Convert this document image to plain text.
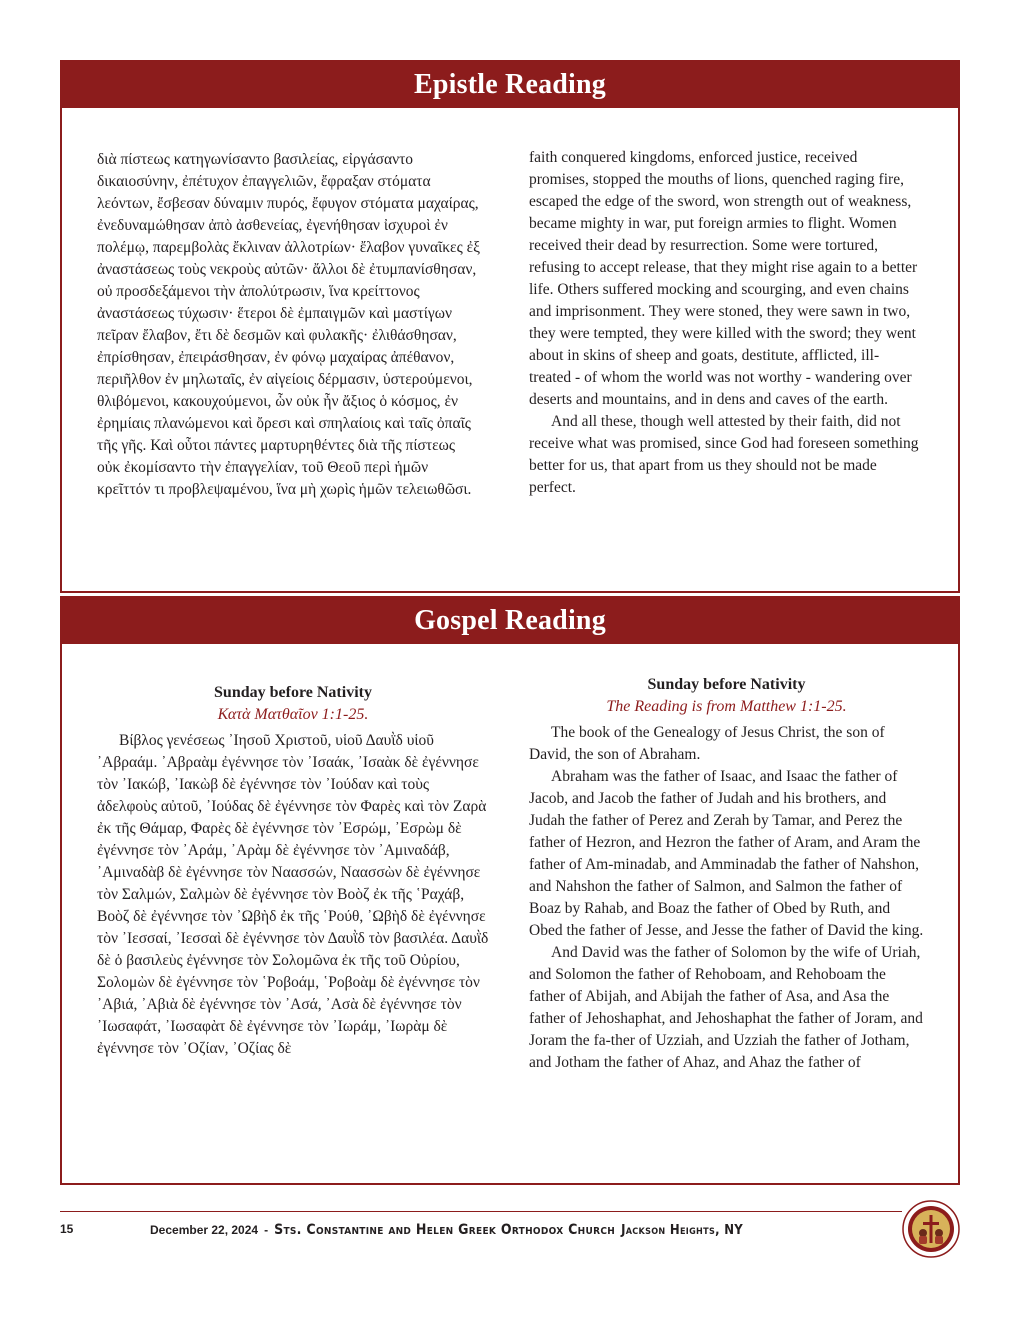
Epistle Reading

διὰ πίστεως κατηγωνίσαντο βασιλείας, εἰργάσαντο δικαιοσύνην, ἐπέτυχον ἐπαγγελιῶν, ἔφραξαν στόματα λεόντων, ἔσβεσαν δύναμιν πυρός, ἔφυγον στόματα μαχαίρας, ἐνεδυναμώθησαν ἀπὸ ἀσθενείας, ἐγενήθησαν ἰσχυροὶ ἐν πολέμῳ, παρεμβολὰς ἔκλιναν ἀλλοτρίων· ἔλαβον γυναῖκες ἐξ ἀναστάσεως τοὺς νεκροὺς αὐτῶν· ἄλλοι δὲ ἐτυμπανίσθησαν, οὐ προσδεξάμενοι τὴν ἀπολύτρωσιν, ἵνα κρείττονος ἀναστάσεως τύχωσιν· ἕτεροι δὲ ἐμπαιγμῶν καὶ μαστίγων πεῖραν ἔλαβον, ἔτι δὲ δεσμῶν καὶ φυλακῆς· ἐλιθάσθησαν, ἐπρίσθησαν, ἐπειράσθησαν, ἐν φόνῳ μαχαίρας ἀπέθανον, περιῆλθον ἐν μηλωταῖς, ἐν αἰγείοις δέρμασιν, ὑστερούμενοι, θλιβόμενοι, κακουχούμενοι, ὧν οὐκ ἦν ἄξιος ὁ κόσμος, ἐν ἐρημίαις πλανώμενοι καὶ ὄρεσι καὶ σπηλαίοις καὶ ταῖς ὀπαῖς τῆς γῆς. Καὶ οὗτοι πάντες μαρτυρηθέντες διὰ τῆς πίστεως οὐκ ἐκομίσαντο τὴν ἐπαγγελίαν, τοῦ Θεοῦ περὶ ἡμῶν κρεῖττόν τι προβλεψαμένου, ἵνα μὴ χωρὶς ἡμῶν τελειωθῶσι.

faith conquered kingdoms, enforced justice, received promises, stopped the mouths of lions, quenched raging fire, escaped the edge of the sword, won strength out of weakness, became mighty in war, put foreign armies to flight. Women received their dead by resurrection. Some were tortured, refusing to accept release, that they might rise again to a better life. Others suffered mocking and scourging, and even chains and imprisonment. They were stoned, they were sawn in two, they were tempted, they were killed with the sword; they went about in skins of sheep and goats, destitute, afflicted, ill-treated - of whom the world was not worthy - wandering over deserts and mountains, and in dens and caves of the earth.

And all these, though well attested by their faith, did not receive what was promised, since God had foreseen something better for us, that apart from us they should not be made perfect.

Gospel Reading
Sunday before Nativity
Κατὰ Ματθαῖον 1:1-25.

Βίβλος γενέσεως ᾿Ιησοῦ Χριστοῦ, υἱοῦ Δαυῒδ υἱοῦ ᾿Αβραάμ. ᾿Αβραὰμ ἐγέννησε τὸν ᾿Ισαάκ, ᾿Ισαὰκ δὲ ἐγέννησε τὸν ᾿Ιακώβ, ᾿Ιακὼβ δὲ ἐγέννησε τὸν ᾿Ιούδαν καὶ τοὺς ἀδελφοὺς αὐτοῦ, ᾿Ιούδας δὲ ἐγέννησε τὸν Φαρὲς καὶ τὸν Ζαρὰ ἐκ τῆς Θάμαρ, Φαρὲς δὲ ἐγέννησε τὸν ᾿Εσρώμ, ᾿Εσρὼμ δὲ ἐγέννησε τὸν ᾿Αράμ, ᾿Αρὰμ δὲ ἐγέννησε τὸν ᾿Αμιναδάβ, ᾿Αμιναδὰβ δὲ ἐγέννησε τὸν Ναασσών, Ναασσὼν δὲ ἐγέννησε τὸν Σαλμών, Σαλμὼν δὲ ἐγέννησε τὸν Βοὸζ ἐκ τῆς ῾Ραχάβ, Βοὸζ δὲ ἐγέννησε τὸν ᾿Ωβὴδ ἐκ τῆς ῾Ρούθ, ᾿Ωβὴδ δὲ ἐγέννησε τὸν ᾿Ιεσσαί, ᾿Ιεσσαὶ δὲ ἐγέννησε τὸν Δαυῒδ τὸν βασιλέα. Δαυῒδ δὲ ὁ βασιλεὺς ἐγέννησε τὸν Σολομῶνα ἐκ τῆς τοῦ Οὐρίου, Σολομὼν δὲ ἐγέννησε τὸν ῾Ροβοάμ, ῾Ροβοὰμ δὲ ἐγέννησε τὸν ᾿Αβιά, ᾿Αβιὰ δὲ ἐγέννησε τὸν ᾿Ασά, ᾿Ασὰ δὲ ἐγέννησε τὸν ᾿Ιωσαφάτ, ᾿Ιωσαφὰτ δὲ ἐγέννησε τὸν ᾿Ιωράμ, ᾿Ιωρὰμ δὲ ἐγέννησε τὸν ᾿Οζίαν, ᾿Οζίας δὲ

Sunday before Nativity
The Reading is from Matthew 1:1-25.

The book of the Genealogy of Jesus Christ, the son of David, the son of Abraham.

Abraham was the father of Isaac, and Isaac the father of Jacob, and Jacob the father of Judah and his brothers, and Judah the father of Perez and Zerah by Tamar, and Perez the father of Hezron, and Hezron the father of Aram, and Aram the father of Am-minadab, and Amminadab the father of Nahshon, and Nahshon the father of Salmon, and Salmon the father of Boaz by Rahab, and Boaz the father of Obed by Ruth, and Obed the father of Jesse, and Jesse the father of David the king.

And David was the father of Solomon by the wife of Uriah, and Solomon the father of Rehoboam, and Rehoboam the father of Abijah, and Abijah the father of Asa, and Asa the father of Jehoshaphat, and Jehoshaphat the father of Joram, and Joram the fa-ther of Uzziah, and Uzziah the father of Jotham, and Jotham the father of Ahaz, and Ahaz the father of

15	December 22, 2024 - Sts. Constantine and Helen Greek Orthodox Church Jackson Heights, NY
